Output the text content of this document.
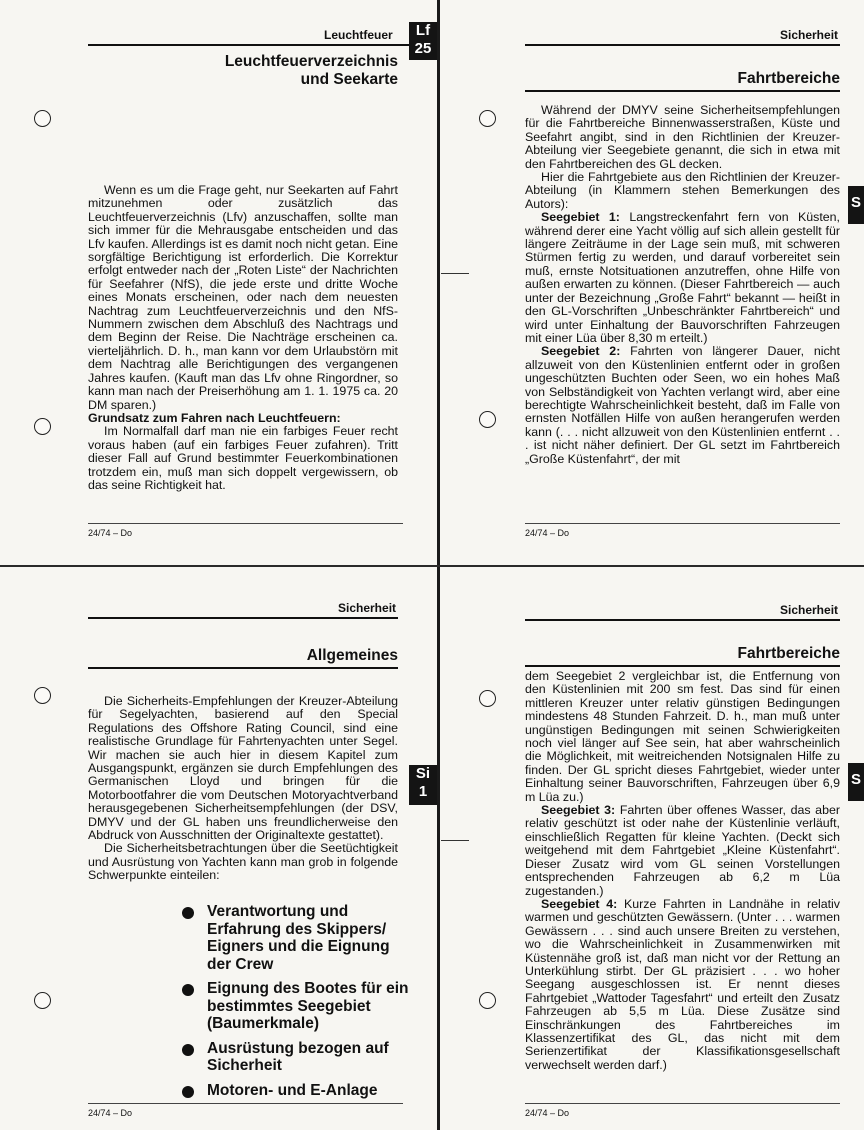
Leuchtfeuer	Lf
25
Leuchtfeuerverzeichnis
und Seekarte

Wenn es um die Frage geht, nur Seekarten auf Fahrt mitzunehmen oder zusätzlich das Leuchtfeuerverzeichnis (Lfv) anzuschaffen, sollte man sich immer für die Mehrausgabe entscheiden und das Lfv kaufen. Allerdings ist es damit noch nicht getan. Eine sorgfältige Berichtigung ist erforderlich. Die Korrektur erfolgt entweder nach der „Roten Liste“ der Nachrichten für Seefahrer (NfS), die jede erste und dritte Woche eines Monats erscheinen, oder nach dem neuesten Nachtrag zum Leuchtfeuerverzeichnis und den NfS-Nummern zwischen dem Abschluß des Nachtrags und dem Beginn der Reise. Die Nachträge erscheinen ca. vierteljährlich. D. h., man kann vor dem Urlaubstörn mit dem Nachtrag alle Berichtigungen des vergangenen Jahres kaufen. (Kauft man das Lfv ohne Ringordner, so kann man nach der Preiserhöhung am 1. 1. 1975 ca. 20 DM sparen.)

Grundsatz zum Fahren nach Leuchtfeuern:

Im Normalfall darf man nie ein farbiges Feuer recht voraus haben (auf ein farbiges Feuer zufahren). Tritt dieser Fall auf Grund bestimmter Feuerkombinationen trotzdem ein, muß man sich doppelt vergewissern, ob das seine Richtigkeit hat.

24/74 – Do
Sicherheit
Fahrtbereiche
S

Während der DMYV seine Sicherheitsempfehlungen für die Fahrtbereiche Binnenwasserstraßen, Küste und Seefahrt angibt, sind in den Richtlinien der Kreuzer-Abteilung vier Seegebiete genannt, die sich in etwa mit den Fahrtbereichen des GL decken.

Hier die Fahrtgebiete aus den Richtlinien der Kreuzer-Abteilung (in Klammern stehen Bemerkungen des Autors):

Seegebiet 1: Langstreckenfahrt fern von Küsten, während derer eine Yacht völlig auf sich allein gestellt für längere Zeiträume in der Lage sein muß, mit schweren Stürmen fertig zu werden, und darauf vorbereitet sein muß, ernste Notsituationen anzutreffen, ohne Hilfe von außen erwarten zu können. (Dieser Fahrtbereich — auch unter der Bezeichnung „Große Fahrt“ bekannt — heißt in den GL-Vorschriften „Unbeschränkter Fahrtbereich“ und wird unter Einhaltung der Bauvorschriften Fahrzeugen mit einer Lüa über 8,30 m erteilt.)

Seegebiet 2: Fahrten von längerer Dauer, nicht allzuweit von den Küstenlinien entfernt oder in großen ungeschützten Buchten oder Seen, wo ein hohes Maß von Selbständigkeit von Yachten verlangt wird, aber eine berechtigte Wahrscheinlichkeit besteht, daß im Falle von ernsten Notfällen Hilfe von außen herangerufen werden kann (. . . nicht allzuweit von den Küstenlinien entfernt . . . ist nicht näher definiert. Der GL setzt im Fahrtbereich „Große Küstenfahrt“, der mit

24/74 – Do
Sicherheit
Allgemeines
Si
1

Die Sicherheits-Empfehlungen der Kreuzer-Abteilung für Segelyachten, basierend auf den Special Regulations des Offshore Rating Council, sind eine realistische Grundlage für Fahrtenyachten unter Segel. Wir machen sie auch hier in diesem Kapitel zum Ausgangspunkt, ergänzen sie durch Empfehlungen des Germanischen Lloyd und bringen für die Motorbootfahrer die vom Deutschen Motoryachtverband herausgegebenen Sicherheitsempfehlungen (der DSV, DMYV und der GL haben uns freundlicherweise den Abdruck von Ausschnitten der Originaltexte gestattet).

Die Sicherheitsbetrachtungen über die Seetüchtigkeit und Ausrüstung von Yachten kann man grob in folgende Schwerpunkte einteilen:

Verantwortung und Erfahrung des Skippers/ Eigners und die Eignung der Crew
Eignung des Bootes für ein bestimmtes Seegebiet (Baumerkmale)
Ausrüstung bezogen auf Sicherheit
Motoren- und E-Anlage
24/74 – Do
Sicherheit
Fahrtbereiche
S

dem Seegebiet 2 vergleichbar ist, die Entfernung von den Küstenlinien mit 200 sm fest. Das sind für einen mittleren Kreuzer unter relativ günstigen Bedingungen mindestens 48 Stunden Fahrzeit. D. h., man muß unter ungünstigen Bedingungen mit seinen Schwierigkeiten noch viel länger auf See sein, hat aber wahrscheinlich die Möglichkeit, mit weitreichenden Notsignalen Hilfe zu finden. Der GL spricht dieses Fahrtgebiet, wieder unter Einhaltung seiner Bauvorschriften, Fahrzeugen über 6,9 m Lüa zu.)

Seegebiet 3: Fahrten über offenes Wasser, das aber relativ geschützt ist oder nahe der Küstenlinie verläuft, einschließlich Regatten für kleine Yachten. (Deckt sich weitgehend mit dem Fahrtgebiet „Kleine Küstenfahrt“. Dieser Zusatz wird vom GL seinen Vorstellungen entsprechenden Fahrzeugen ab 6,2 m Lüa zugestanden.)

Seegebiet 4: Kurze Fahrten in Landnähe in relativ warmen und geschützten Gewässern. (Unter . . . warmen Gewässern . . . sind auch unsere Breiten zu verstehen, wo die Wahrscheinlichkeit in Zusammenwirken mit Küstennähe groß ist, daß man nicht vor der Rettung an Unterkühlung stirbt. Der GL präzisiert . . . wo hoher Seegang ausgeschlossen ist. Er nennt dieses Fahrtgebiet „Wattoder Tagesfahrt“ und erteilt den Zusatz Fahrzeugen ab 5,5 m Lüa. Diese Zusätze sind Einschränkungen des Fahrtbereiches im Klassenzertifikat des GL, das nicht mit dem Serienzertifikat der Klassifikationsgesellschaft verwechselt werden darf.)

24/74 – Do
